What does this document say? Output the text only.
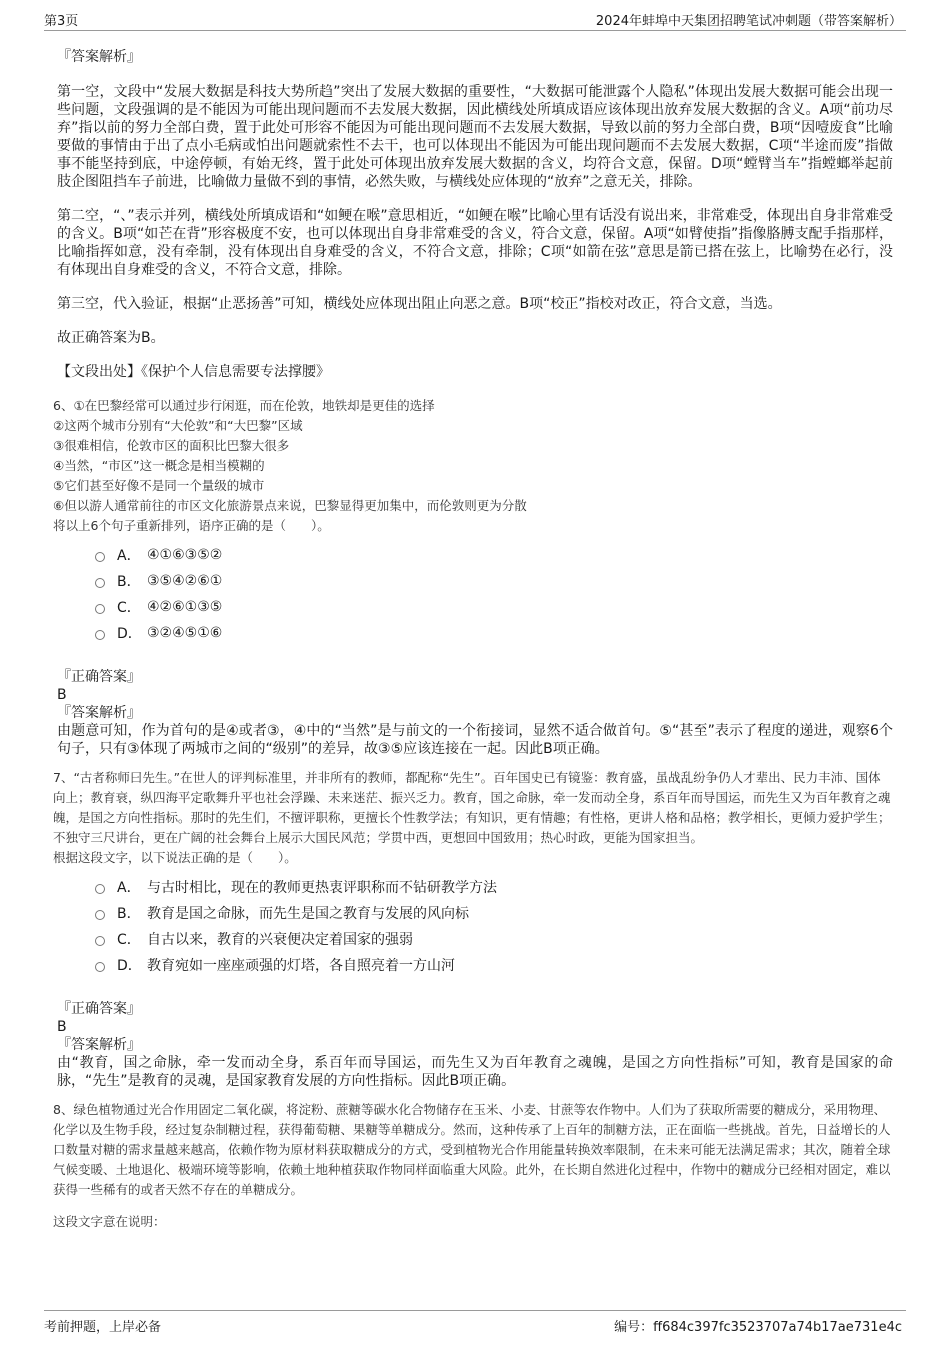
第3页	2024年蚌埠中天集团招聘笔试冲刺题（带答案解析）

『答案解析』

第一空，文段中“发展大数据是科技大势所趋”突出了发展大数据的重要性，“大数据可能泄露个人隐私”体现出发展大数据可能会出现一些问题，文段强调的是不能因为可能出现问题而不去发展大数据，因此横线处所填成语应该体现出放弃发展大数据的含义。A项“前功尽弃”指以前的努力全部白费，置于此处可形容不能因为可能出现问题而不去发展大数据，导致以前的努力全部白费，B项“因噎废食”比喻要做的事情由于出了点小毛病或怕出问题就索性不去干，也可以体现出不能因为可能出现问题而不去发展大数据，C项“半途而废”指做事不能坚持到底，中途停顿，有始无终，置于此处可体现出放弃发展大数据的含义，均符合文意，保留。D项“螳臂当车”指螳螂举起前肢企图阻挡车子前进，比喻做力量做不到的事情，必然失败，与横线处应体现的“放弃”之意无关，排除。

第二空，“、”表示并列，横线处所填成语和“如鲠在喉”意思相近，“如鲠在喉”比喻心里有话没有说出来，非常难受，体现出自身非常难受的含义。B项“如芒在背”形容极度不安，也可以体现出自身非常难受的含义，符合文意，保留。A项“如臂使指”指像胳膊支配手指那样，比喻指挥如意，没有牵制，没有体现出自身难受的含义，不符合文意，排除；C项“如箭在弦”意思是箭已搭在弦上，比喻势在必行，没有体现出自身难受的含义，不符合文意，排除。

第三空，代入验证，根据“止恶扬善”可知，横线处应体现出阻止向恶之意。B项“校正”指校对改正，符合文意，当选。

故正确答案为B。

【文段出处】《保护个人信息需要专法撑腰》

6、①在巴黎经常可以通过步行闲逛，而在伦敦，地铁却是更佳的选择

②这两个城市分别有“大伦敦”和“大巴黎”区域

③很难相信，伦敦市区的面积比巴黎大很多

④当然，“市区”这一概念是相当模糊的

⑤它们甚至好像不是同一个量级的城市

⑥但以游人通常前往的市区文化旅游景点来说，巴黎显得更加集中，而伦敦则更为分散

将以上6个句子重新排列，语序正确的是（　　）。

A． ④①⑥③⑤②
B． ③⑤④②⑥①
C． ④②⑥①③⑤
D． ③②④⑤①⑥

『正确答案』

B

『答案解析』

由题意可知，作为首句的是④或者③，④中的“当然”是与前文的一个衔接词，显然不适合做首句。⑤“甚至”表示了程度的递进，观察6个句子，只有③体现了两城市之间的“级别”的差异，故③⑤应该连接在一起。因此B项正确。

7、“古者称师曰先生。”在世人的评判标准里，并非所有的教师，都配称“先生”。百年国史已有镜鉴：教育盛，虽战乱纷争仍人才辈出、民力丰沛、国体向上；教育衰，纵四海平定歌舞升平也社会浮躁、未来迷茫、振兴乏力。教育，国之命脉，牵一发而动全身，系百年而导国运，而先生又为百年教育之魂魄，是国之方向性指标。那时的先生们，不擅评职称，更擅长个性教学法；有知识，更有情趣；有性格，更讲人格和品格；教学相长，更倾力爱护学生；不独守三尺讲台，更在广阔的社会舞台上展示大国民风范；学贯中西，更想回中国致用；热心时政，更能为国家担当。

根据这段文字，以下说法正确的是（　　）。

A． 与古时相比，现在的教师更热衷评职称而不钻研教学方法
B． 教育是国之命脉，而先生是国之教育与发展的风向标
C． 自古以来，教育的兴衰便决定着国家的强弱
D． 教育宛如一座座顽强的灯塔，各自照亮着一方山河

『正确答案』

B

『答案解析』

由“教育，国之命脉，牵一发而动全身，系百年而导国运，而先生又为百年教育之魂魄，是国之方向性指标”可知，教育是国家的命脉，“先生”是教育的灵魂，是国家教育发展的方向性指标。因此B项正确。

8、绿色植物通过光合作用固定二氧化碳，将淀粉、蔗糖等碳水化合物储存在玉米、小麦、甘蔗等农作物中。人们为了获取所需要的糖成分，采用物理、化学以及生物手段，经过复杂制糖过程，获得葡萄糖、果糖等单糖成分。然而，这种传承了上百年的制糖方法，正在面临一些挑战。首先，日益增长的人口数量对糖的需求量越来越高，依赖作物为原材料获取糖成分的方式，受到植物光合作用能量转换效率限制，在未来可能无法满足需求；其次，随着全球气候变暖、土地退化、极端环境等影响，依赖土地种植获取作物同样面临重大风险。此外，在长期自然进化过程中，作物中的糖成分已经相对固定，难以获得一些稀有的或者天然不存在的单糖成分。

这段文字意在说明：

考前押题，上岸必备	编号：ff684c397fc3523707a74b17ae731e4c
